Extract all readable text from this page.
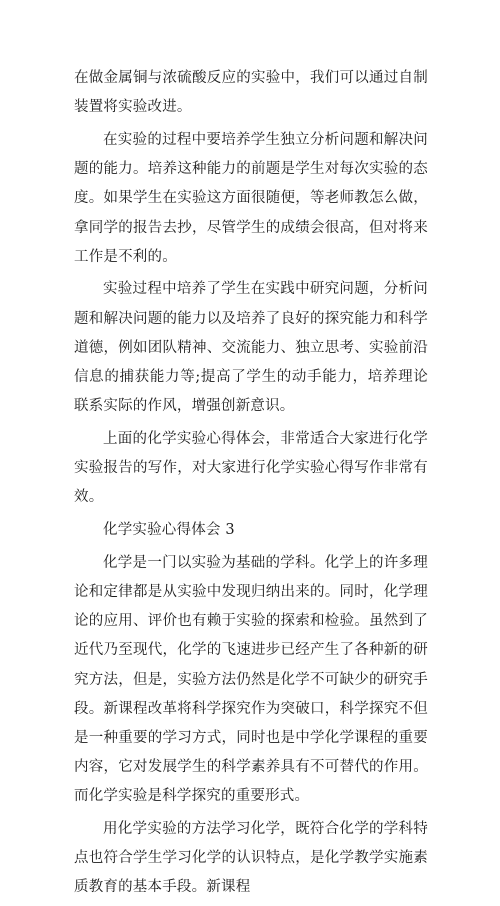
在做金属铜与浓硫酸反应的实验中，我们可以通过自制装置将实验改进。

在实验的过程中要培养学生独立分析问题和解决问题的能力。培养这种能力的前题是学生对每次实验的态度。如果学生在实验这方面很随便，等老师教怎么做，拿同学的报告去抄，尽管学生的成绩会很高，但对将来工作是不利的。

实验过程中培养了学生在实践中研究问题，分析问题和解决问题的能力以及培养了良好的探究能力和科学道德，例如团队精神、交流能力、独立思考、实验前沿信息的捕获能力等;提高了学生的动手能力，培养理论联系实际的作风，增强创新意识。

上面的化学实验心得体会，非常适合大家进行化学实验报告的写作，对大家进行化学实验心得写作非常有效。

化学实验心得体会 3

化学是一门以实验为基础的学科。化学上的许多理论和定律都是从实验中发现归纳出来的。同时，化学理论的应用、评价也有赖于实验的探索和检验。虽然到了近代乃至现代，化学的飞速进步已经产生了各种新的研究方法，但是，实验方法仍然是化学不可缺少的研究手段。新课程改革将科学探究作为突破口，科学探究不但是一种重要的学习方式，同时也是中学化学课程的重要内容，它对发展学生的科学素养具有不可替代的作用。而化学实验是科学探究的重要形式。

用化学实验的方法学习化学，既符合化学的学科特点也符合学生学习化学的认识特点，是化学教学实施素质教育的基本手段。新课程
